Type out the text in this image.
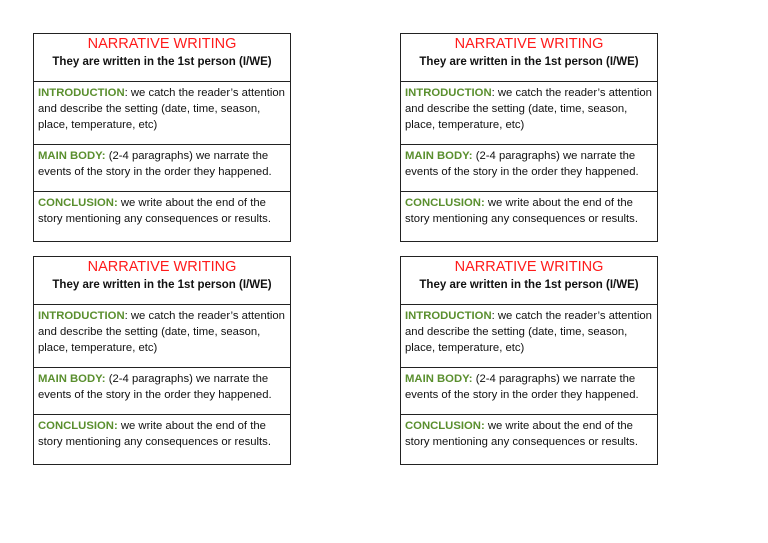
NARRATIVE WRITING
They are written in the 1st person (I/WE)
INTRODUCTION: we catch the reader’s attention and describe the setting (date, time, season, place, temperature, etc)
MAIN BODY: (2-4 paragraphs) we narrate the events of the story in the order they happened.
CONCLUSION: we write about the end of the story mentioning any consequences or results.
NARRATIVE WRITING
They are written in the 1st person (I/WE)
INTRODUCTION: we catch the reader’s attention and describe the setting (date, time, season, place, temperature, etc)
MAIN BODY: (2-4 paragraphs) we narrate the events of the story in the order they happened.
CONCLUSION: we write about the end of the story mentioning any consequences or results.
NARRATIVE WRITING
They are written in the 1st person (I/WE)
INTRODUCTION: we catch the reader’s attention and describe the setting (date, time, season, place, temperature, etc)
MAIN BODY: (2-4 paragraphs) we narrate the events of the story in the order they happened.
CONCLUSION: we write about the end of the story mentioning any consequences or results.
NARRATIVE WRITING
They are written in the 1st person (I/WE)
INTRODUCTION: we catch the reader’s attention and describe the setting (date, time, season, place, temperature, etc)
MAIN BODY: (2-4 paragraphs) we narrate the events of the story in the order they happened.
CONCLUSION: we write about the end of the story mentioning any consequences or results.
